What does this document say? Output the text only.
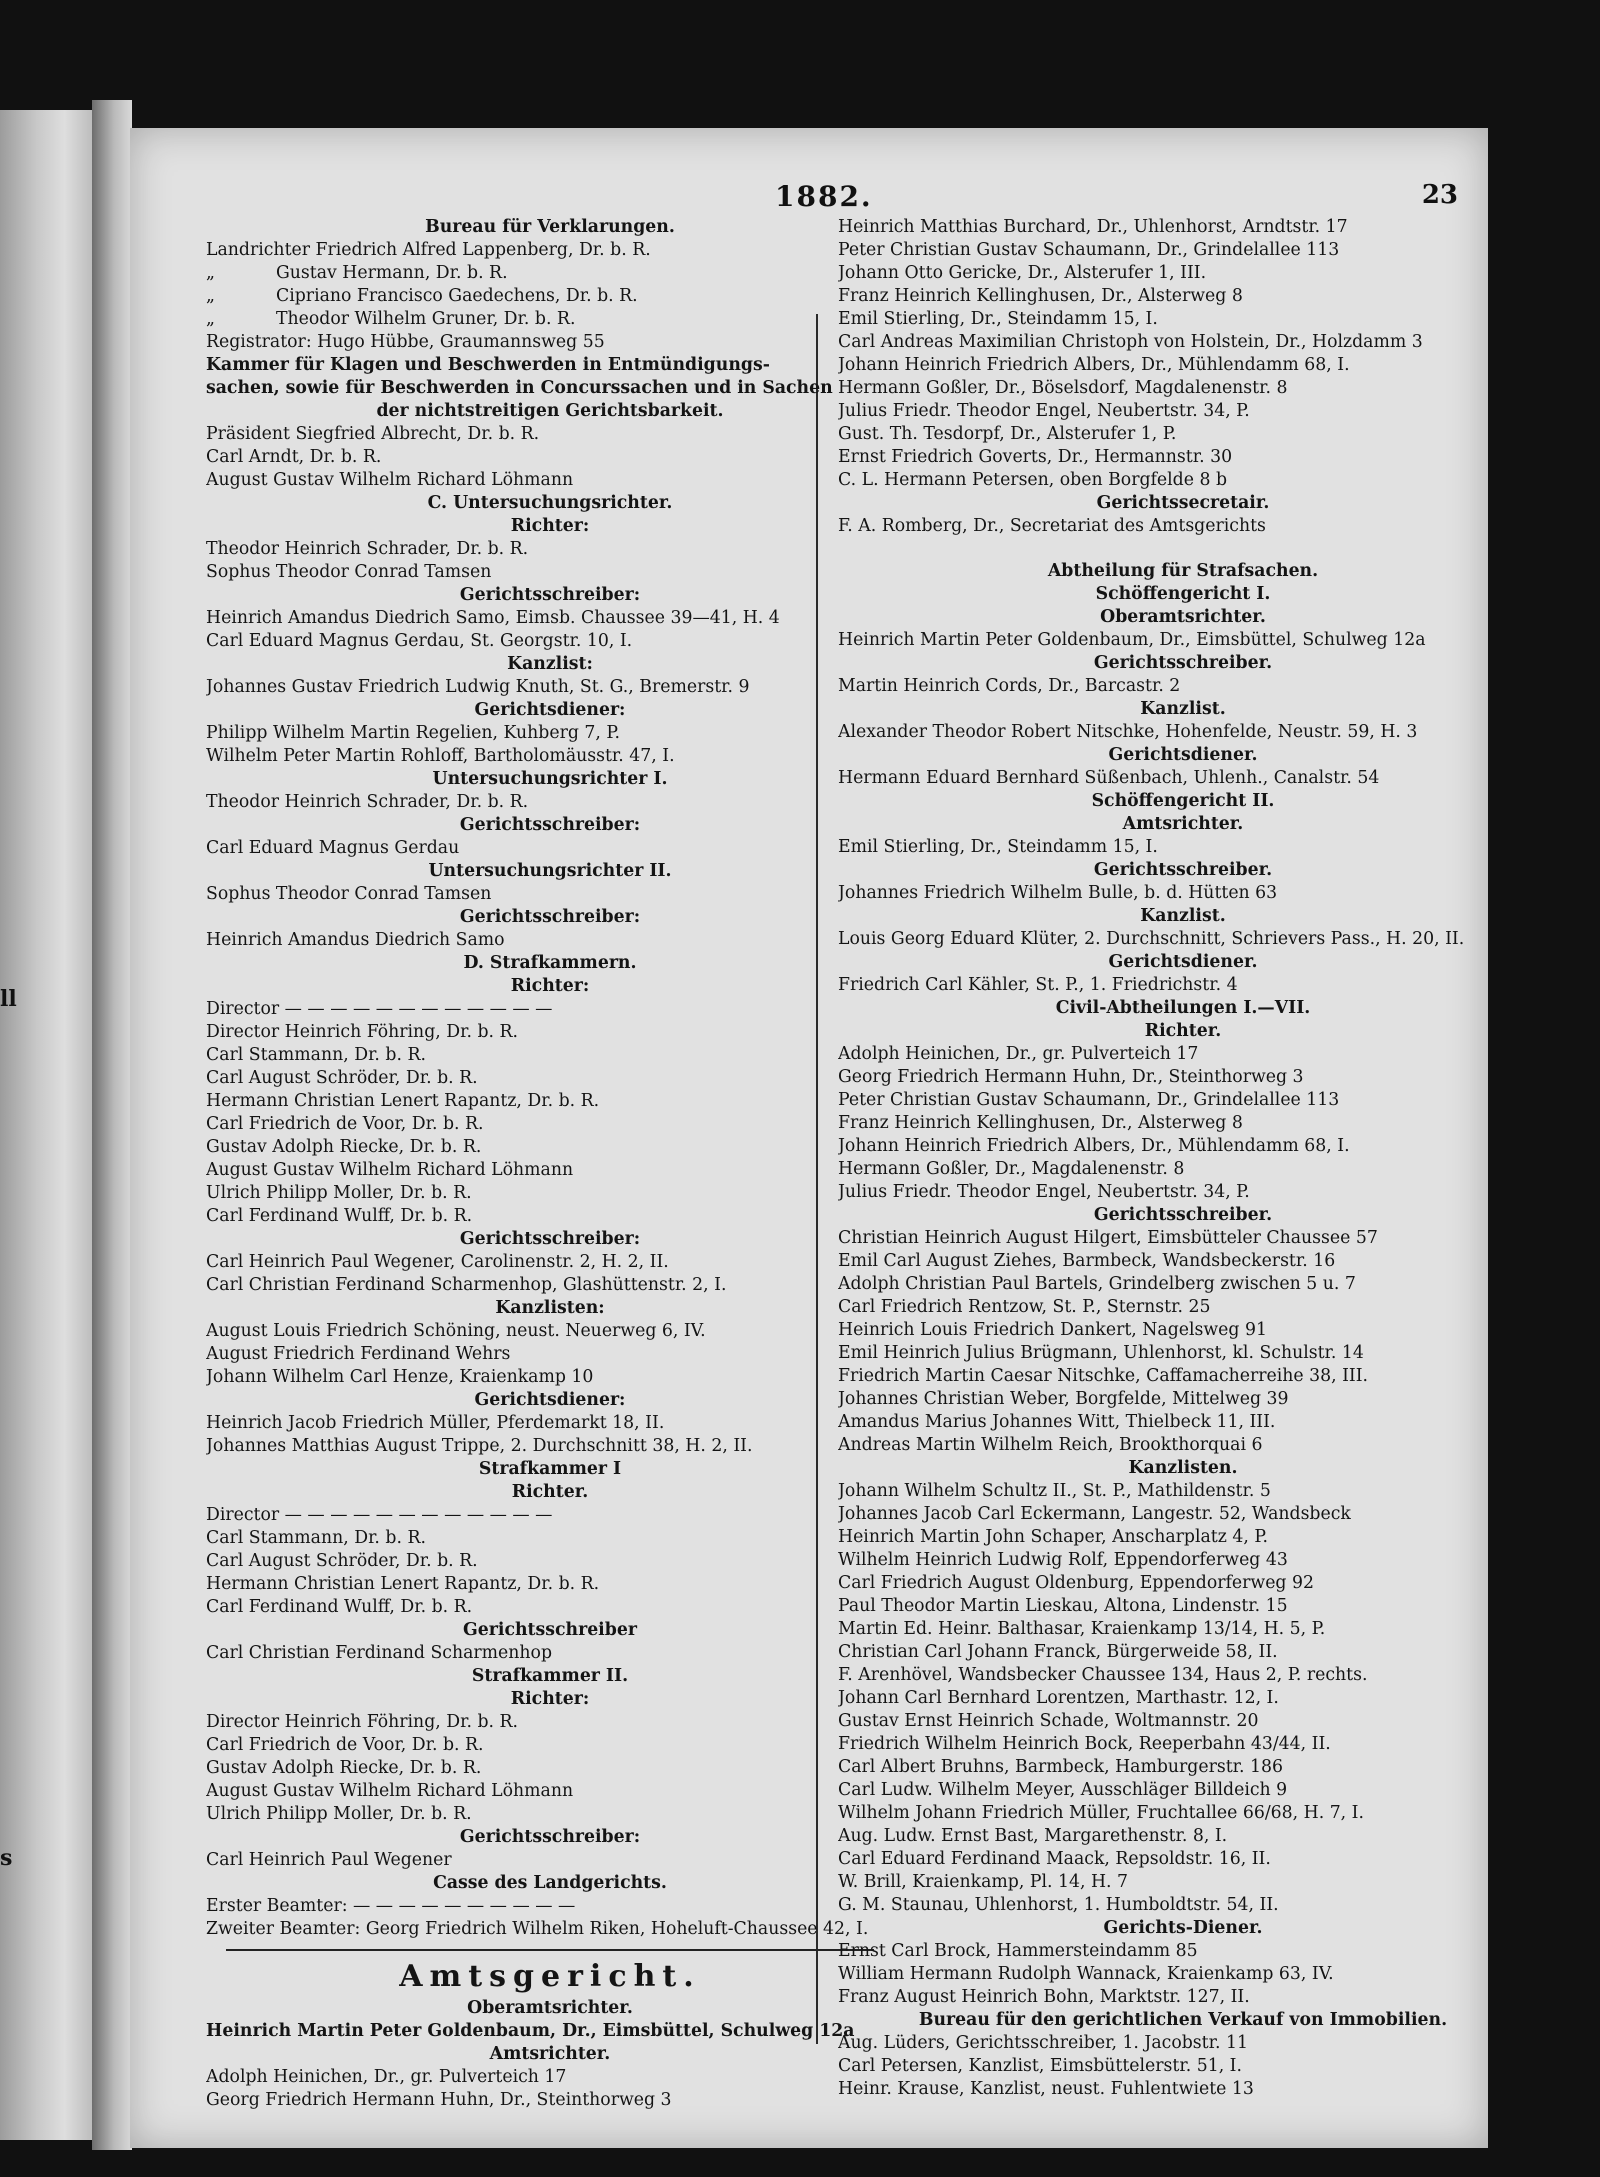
ll
s
1882.	23
Bureau für Verklarungen.
Landrichter Friedrich Alfred Lappenberg, Dr. b. R.
„	Gustav Hermann, Dr. b. R.
„	Cipriano Francisco Gaedechens, Dr. b. R.
„	Theodor Wilhelm Gruner, Dr. b. R.
Registrator: Hugo Hübbe, Graumannsweg 55
Kammer für Klagen und Beschwerden in Entmündigungs-
sachen, sowie für Beschwerden in Concurssachen und in Sachen
der nichtstreitigen Gerichtsbarkeit.
Präsident Siegfried Albrecht, Dr. b. R.
Carl Arndt, Dr. b. R.
August Gustav Wilhelm Richard Löhmann
C. Untersuchungsrichter.
Richter:
Theodor Heinrich Schrader, Dr. b. R.
Sophus Theodor Conrad Tamsen
Gerichtsschreiber:
Heinrich Amandus Diedrich Samo, Eimsb. Chaussee 39—41, H. 4
Carl Eduard Magnus Gerdau, St. Georgstr. 10, I.
Kanzlist:
Johannes Gustav Friedrich Ludwig Knuth, St. G., Bremerstr. 9
Gerichtsdiener:
Philipp Wilhelm Martin Regelien, Kuhberg 7, P.
Wilhelm Peter Martin Rohloff, Bartholomäusstr. 47, I.
Untersuchungsrichter I.
Theodor Heinrich Schrader, Dr. b. R.
Gerichtsschreiber:
Carl Eduard Magnus Gerdau
Untersuchungsrichter II.
Sophus Theodor Conrad Tamsen
Gerichtsschreiber:
Heinrich Amandus Diedrich Samo
D. Strafkammern.
Richter:
Director — — — — — — — — — — — —
Director Heinrich Föhring, Dr. b. R.
Carl Stammann, Dr. b. R.
Carl August Schröder, Dr. b. R.
Hermann Christian Lenert Rapantz, Dr. b. R.
Carl Friedrich de Voor, Dr. b. R.
Gustav Adolph Riecke, Dr. b. R.
August Gustav Wilhelm Richard Löhmann
Ulrich Philipp Moller, Dr. b. R.
Carl Ferdinand Wulff, Dr. b. R.
Gerichtsschreiber:
Carl Heinrich Paul Wegener, Carolinenstr. 2, H. 2, II.
Carl Christian Ferdinand Scharmenhop, Glashüttenstr. 2, I.
Kanzlisten:
August Louis Friedrich Schöning, neust. Neuerweg 6, IV.
August Friedrich Ferdinand Wehrs
Johann Wilhelm Carl Henze, Kraienkamp 10
Gerichtsdiener:
Heinrich Jacob Friedrich Müller, Pferdemarkt 18, II.
Johannes Matthias August Trippe, 2. Durchschnitt 38, H. 2, II.
Strafkammer I
Richter.
Director — — — — — — — — — — — —
Carl Stammann, Dr. b. R.
Carl August Schröder, Dr. b. R.
Hermann Christian Lenert Rapantz, Dr. b. R.
Carl Ferdinand Wulff, Dr. b. R.
Gerichtsschreiber
Carl Christian Ferdinand Scharmenhop
Strafkammer II.
Richter:
Director Heinrich Föhring, Dr. b. R.
Carl Friedrich de Voor, Dr. b. R.
Gustav Adolph Riecke, Dr. b. R.
August Gustav Wilhelm Richard Löhmann
Ulrich Philipp Moller, Dr. b. R.
Gerichtsschreiber:
Carl Heinrich Paul Wegener
Casse des Landgerichts.
Erster Beamter: — — — — — — — — — —
Zweiter Beamter: Georg Friedrich Wilhelm Riken, Hoheluft-Chaussee 42, I.
Amtsgericht.
Oberamtsrichter.
Heinrich Martin Peter Goldenbaum, Dr., Eimsbüttel, Schulweg 12a
Amtsrichter.
Adolph Heinichen, Dr., gr. Pulverteich 17
Georg Friedrich Hermann Huhn, Dr., Steinthorweg 3
Heinrich Matthias Burchard, Dr., Uhlenhorst, Arndtstr. 17
Peter Christian Gustav Schaumann, Dr., Grindelallee 113
Johann Otto Gericke, Dr., Alsterufer 1, III.
Franz Heinrich Kellinghusen, Dr., Alsterweg 8
Emil Stierling, Dr., Steindamm 15, I.
Carl Andreas Maximilian Christoph von Holstein, Dr., Holzdamm 3
Johann Heinrich Friedrich Albers, Dr., Mühlendamm 68, I.
Hermann Goßler, Dr., Böselsdorf, Magdalenenstr. 8
Julius Friedr. Theodor Engel, Neubertstr. 34, P.
Gust. Th. Tesdorpf, Dr., Alsterufer 1, P.
Ernst Friedrich Goverts, Dr., Hermannstr. 30
C. L. Hermann Petersen, oben Borgfelde 8 b
Gerichtssecretair.
F. A. Romberg, Dr., Secretariat des Amtsgerichts
Abtheilung für Strafsachen.
Schöffengericht I.
Oberamtsrichter.
Heinrich Martin Peter Goldenbaum, Dr., Eimsbüttel, Schulweg 12a
Gerichtsschreiber.
Martin Heinrich Cords, Dr., Barcastr. 2
Kanzlist.
Alexander Theodor Robert Nitschke, Hohenfelde, Neustr. 59, H. 3
Gerichtsdiener.
Hermann Eduard Bernhard Süßenbach, Uhlenh., Canalstr. 54
Schöffengericht II.
Amtsrichter.
Emil Stierling, Dr., Steindamm 15, I.
Gerichtsschreiber.
Johannes Friedrich Wilhelm Bulle, b. d. Hütten 63
Kanzlist.
Louis Georg Eduard Klüter, 2. Durchschnitt, Schrievers Pass., H. 20, II.
Gerichtsdiener.
Friedrich Carl Kähler, St. P., 1. Friedrichstr. 4
Civil-Abtheilungen I.—VII.
Richter.
Adolph Heinichen, Dr., gr. Pulverteich 17
Georg Friedrich Hermann Huhn, Dr., Steinthorweg 3
Peter Christian Gustav Schaumann, Dr., Grindelallee 113
Franz Heinrich Kellinghusen, Dr., Alsterweg 8
Johann Heinrich Friedrich Albers, Dr., Mühlendamm 68, I.
Hermann Goßler, Dr., Magdalenenstr. 8
Julius Friedr. Theodor Engel, Neubertstr. 34, P.
Gerichtsschreiber.
Christian Heinrich August Hilgert, Eimsbütteler Chaussee 57
Emil Carl August Ziehes, Barmbeck, Wandsbeckerstr. 16
Adolph Christian Paul Bartels, Grindelberg zwischen 5 u. 7
Carl Friedrich Rentzow, St. P., Sternstr. 25
Heinrich Louis Friedrich Dankert, Nagelsweg 91
Emil Heinrich Julius Brügmann, Uhlenhorst, kl. Schulstr. 14
Friedrich Martin Caesar Nitschke, Caffamacherreihe 38, III.
Johannes Christian Weber, Borgfelde, Mittelweg 39
Amandus Marius Johannes Witt, Thielbeck 11, III.
Andreas Martin Wilhelm Reich, Brookthorquai 6
Kanzlisten.
Johann Wilhelm Schultz II., St. P., Mathildenstr. 5
Johannes Jacob Carl Eckermann, Langestr. 52, Wandsbeck
Heinrich Martin John Schaper, Anscharplatz 4, P.
Wilhelm Heinrich Ludwig Rolf, Eppendorferweg 43
Carl Friedrich August Oldenburg, Eppendorferweg 92
Paul Theodor Martin Lieskau, Altona, Lindenstr. 15
Martin Ed. Heinr. Balthasar, Kraienkamp 13/14, H. 5, P.
Christian Carl Johann Franck, Bürgerweide 58, II.
F. Arenhövel, Wandsbecker Chaussee 134, Haus 2, P. rechts.
Johann Carl Bernhard Lorentzen, Marthastr. 12, I.
Gustav Ernst Heinrich Schade, Woltmannstr. 20
Friedrich Wilhelm Heinrich Bock, Reeperbahn 43/44, II.
Carl Albert Bruhns, Barmbeck, Hamburgerstr. 186
Carl Ludw. Wilhelm Meyer, Ausschläger Billdeich 9
Wilhelm Johann Friedrich Müller, Fruchtallee 66/68, H. 7, I.
Aug. Ludw. Ernst Bast, Margarethenstr. 8, I.
Carl Eduard Ferdinand Maack, Repsoldstr. 16, II.
W. Brill, Kraienkamp, Pl. 14, H. 7
G. M. Staunau, Uhlenhorst, 1. Humboldtstr. 54, II.
Gerichts-Diener.
Ernst Carl Brock, Hammersteindamm 85
William Hermann Rudolph Wannack, Kraienkamp 63, IV.
Franz August Heinrich Bohn, Marktstr. 127, II.
Bureau für den gerichtlichen Verkauf von Immobilien.
Aug. Lüders, Gerichtsschreiber, 1. Jacobstr. 11
Carl Petersen, Kanzlist, Eimsbüttelerstr. 51, I.
Heinr. Krause, Kanzlist, neust. Fuhlentwiete 13
